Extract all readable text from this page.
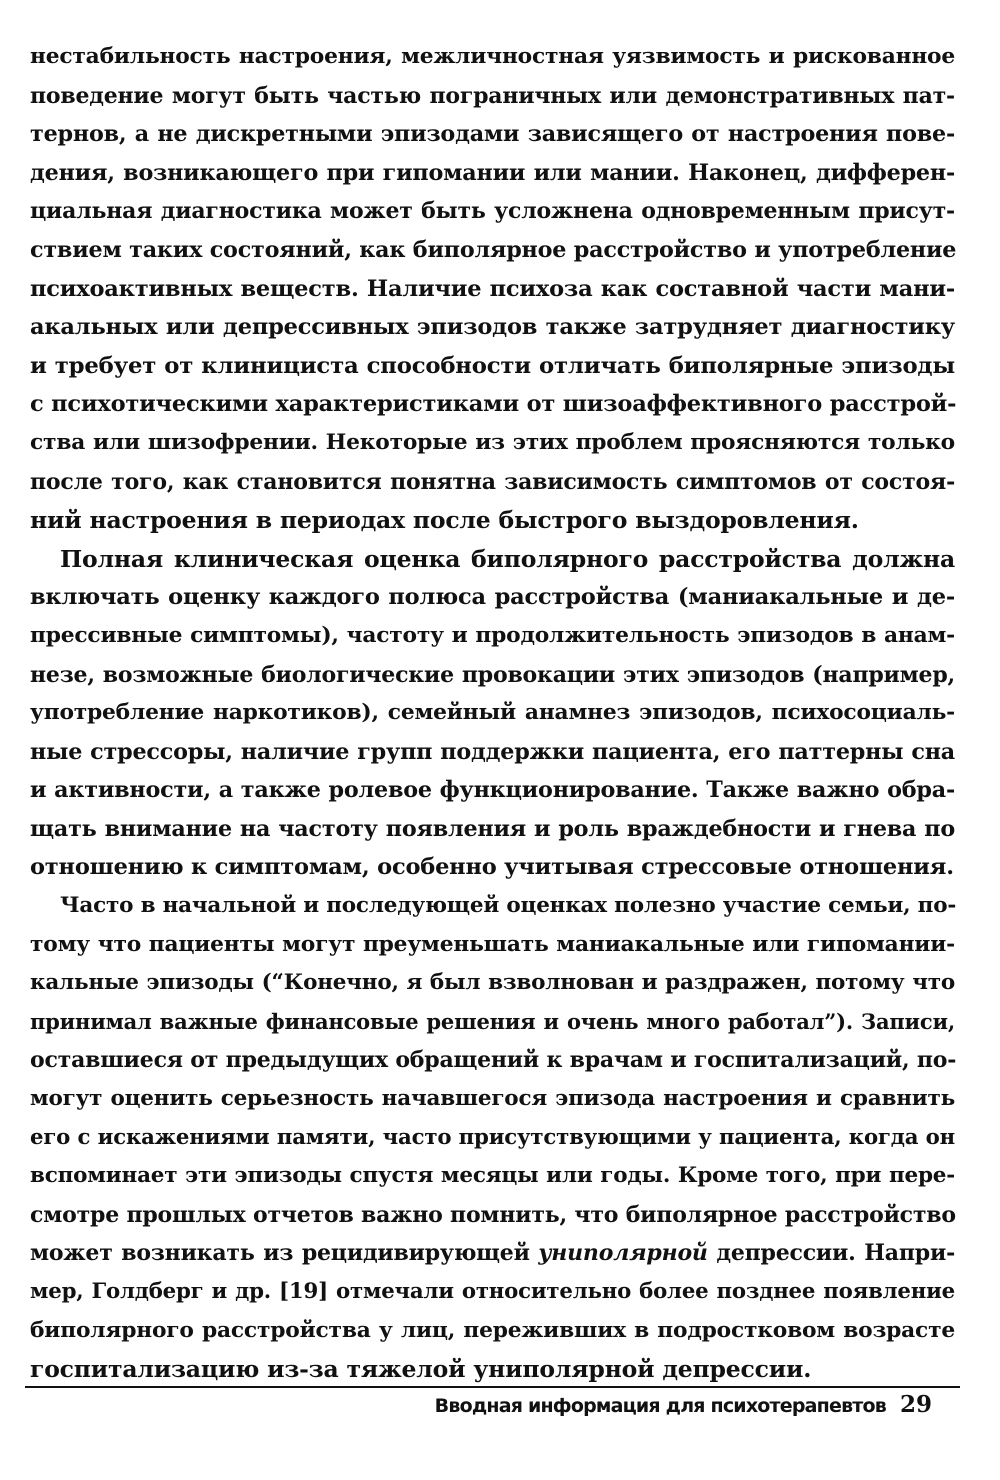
нестабильность настроения, межличностная уязвимость и рискованное
поведение могут быть частью пограничных или демонстративных пат-
тернов, а не дискретными эпизодами зависящего от настроения пове-
дения, возникающего при гипомании или мании. Наконец, дифферен-
циальная диагностика может быть усложнена одновременным присут-
ствием таких состояний, как биполярное расстройство и употребление
психоактивных веществ. Наличие психоза как составной части мани-
акальных или депрессивных эпизодов также затрудняет диагностику
и требует от клинициста способности отличать биполярные эпизоды
с психотическими характеристиками от шизоаффективного расстрой-
ства или шизофрении. Некоторые из этих проблем проясняются только
после того, как становится понятна зависимость симптомов от состоя-
ний настроения в периодах после быстрого выздоровления.
Полная клиническая оценка биполярного расстройства должна
включать оценку каждого полюса расстройства (маниакальные и де-
прессивные симптомы), частоту и продолжительность эпизодов в анам-
незе, возможные биологические провокации этих эпизодов (например,
употребление наркотиков), семейный анамнез эпизодов, психосоциаль-
ные стрессоры, наличие групп поддержки пациента, его паттерны сна
и активности, а также ролевое функционирование. Также важно обра-
щать внимание на частоту появления и роль враждебности и гнева по
отношению к симптомам, особенно учитывая стрессовые отношения.
Часто в начальной и последующей оценках полезно участие семьи, по-
тому что пациенты могут преуменьшать маниакальные или гипомании-
кальные эпизоды (“Конечно, я был взволнован и раздражен, потому что
принимал важные финансовые решения и очень много работал”). Записи,
оставшиеся от предыдущих обращений к врачам и госпитализаций, по-
могут оценить серьезность начавшегося эпизода настроения и сравнить
его с искажениями памяти, часто присутствующими у пациента, когда он
вспоминает эти эпизоды спустя месяцы или годы. Кроме того, при пере-
смотре прошлых отчетов важно помнить, что биполярное расстройство
может возникать из рецидивирующей униполярной депрессии. Напри-
мер, Голдберг и др. [19] отмечали относительно более позднее появление
биполярного расстройства у лиц, переживших в подростковом возрасте
госпитализацию из-за тяжелой униполярной депрессии.
Вводная информация для психотерапевтов 29
